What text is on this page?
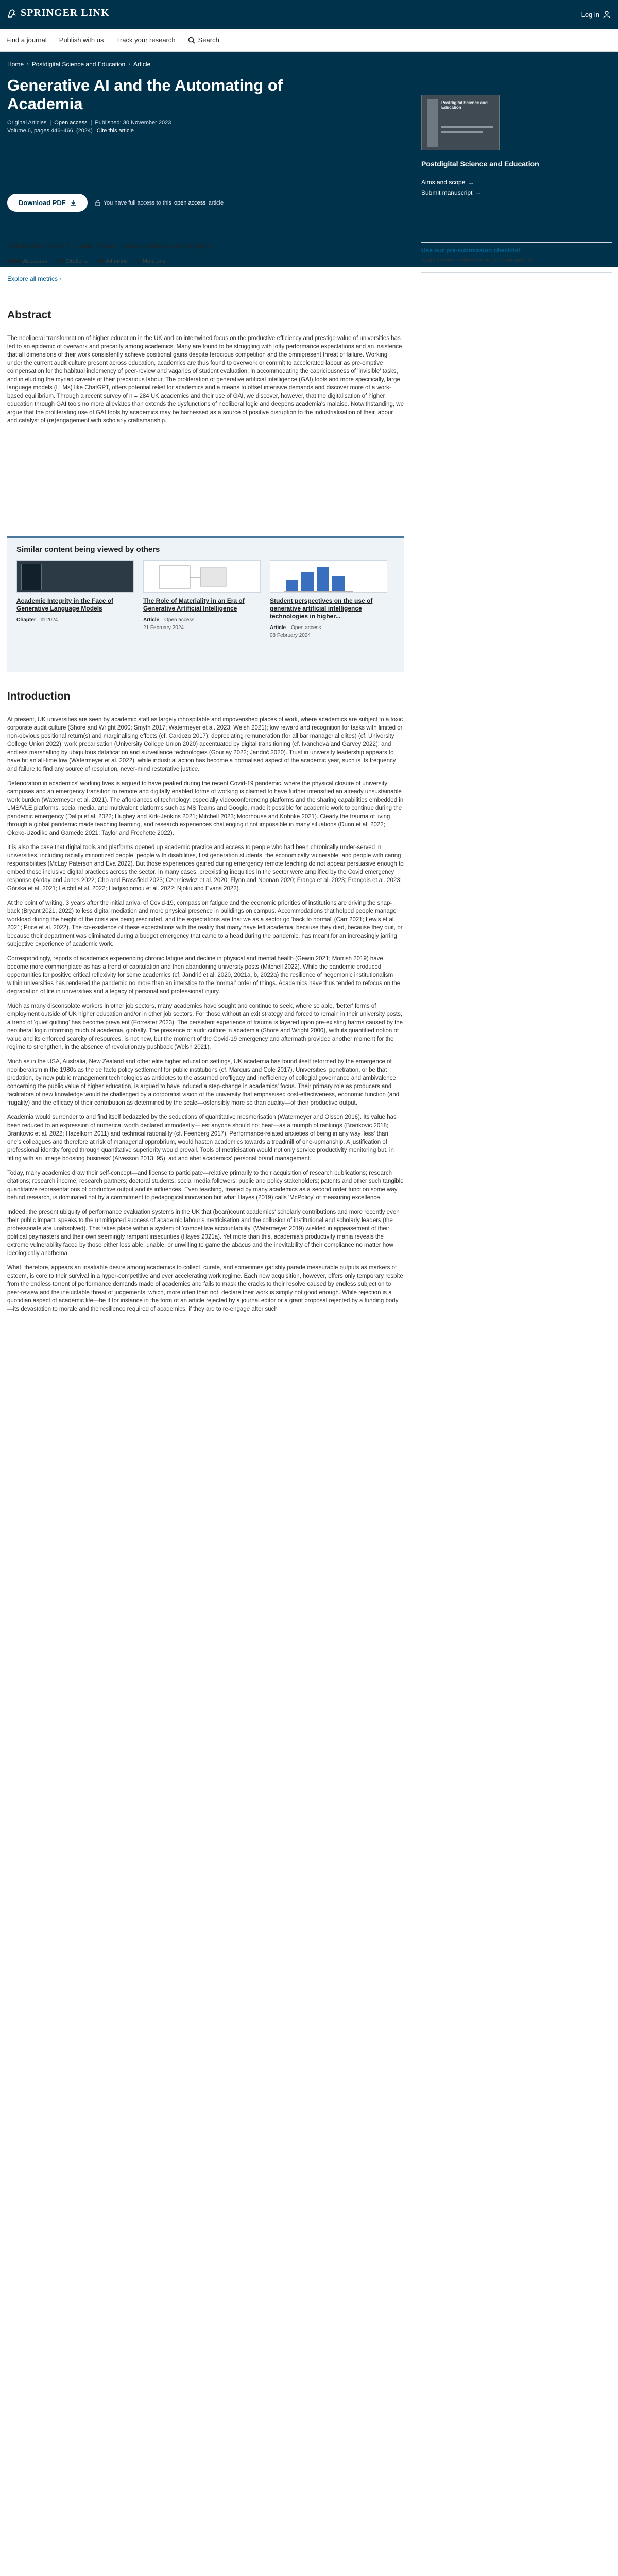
SPRINGER LINK	Log in
Find a journal Publish with us Track your research	Search
Home › Postdigital Science and Education › Article
Generative AI and the Automating of Academia
Original Articles | Open access | Published: 30 November 2023
Volume 6, pages 446–466, (2024) Cite this article
Download PDF	You have full access to this open access article
Postdigital Science and Education
Postdigital Science and Education
Aims and scope →
Submit manuscript →
Richard Watermeyer ✉ , Lawrie Phipps , Donna Lanclos & Cathryn Knight
8969 Accesses 18 Citations 29 Altmetric 5 Mentions
Explore all metrics ›
Use our pre-submission checklist
Avoid common mistakes on your manuscript.
Abstract

The neoliberal transformation of higher education in the UK and an intertwined focus on the productive efficiency and prestige value of universities has led to an epidemic of overwork and precarity among academics. Many are found to be struggling with lofty performance expectations and an insistence that all dimensions of their work consistently achieve positional gains despite ferocious competition and the omnipresent threat of failure. Working under the current audit culture present across education, academics are thus found to overwork or commit to accelerated labour as pre-emptive compensation for the habitual inclemency of peer-review and vagaries of student evaluation, in accommodating the capriciousness of 'invisible' tasks, and in eluding the myriad caveats of their precarious labour. The proliferation of generative artificial intelligence (GAI) tools and more specifically, large language models (LLMs) like ChatGPT, offers potential relief for academics and a means to offset intensive demands and discover more of a work-based equilibrium. Through a recent survey of n = 284 UK academics and their use of GAI, we discover, however, that the digitalisation of higher education through GAI tools no more alleviates than extends the dysfunctions of neoliberal logic and deepens academia's malaise. Notwithstanding, we argue that the proliferating use of GAI tools by academics may be harnessed as a source of positive disruption to the industrialisation of their labour and catalyst of (re)engagement with scholarly craftsmanship.

Similar content being viewed by others
Academic Integrity in the Face of Generative Language Models
Chapter © 2024
The Role of Materiality in an Era of Generative Artificial Intelligence
Article Open access
21 February 2024
Student perspectives on the use of generative artificial intelligence technologies in higher...
Article Open access
08 February 2024
Introduction

At present, UK universities are seen by academic staff as largely inhospitable and impoverished places of work, where academics are subject to a toxic corporate audit culture (Shore and Wright 2000; Smyth 2017; Watermeyer et al. 2023; Welsh 2021); low reward and recognition for tasks with limited or non-obvious positional return(s) and marginalising effects (cf. Cardozo 2017); depreciating remuneration (for all bar managerial elites) (cf. University College Union 2022); work precarisation (University College Union 2020) accentuated by digital transitioning (cf. Ivancheva and Garvey 2022); and endless marshalling by ubiquitous datafication and surveillance technologies (Gourlay 2022; Jandrić 2020). Trust in university leadership appears to have hit an all-time low (Watermeyer et al. 2022), while industrial action has become a normalised aspect of the academic year, such is its frequency and failure to find any source of resolution, never-mind restorative justice.

Deterioration in academics' working lives is argued to have peaked during the recent Covid-19 pandemic, where the physical closure of university campuses and an emergency transition to remote and digitally enabled forms of working is claimed to have further intensified an already unsustainable work burden (Watermeyer et al. 2021). The affordances of technology, especially videoconferencing platforms and the sharing capabilities embedded in LMS/VLE platforms, social media, and multivalent platforms such as MS Teams and Google, made it possible for academic work to continue during the pandemic emergency (Dalipi et al. 2022; Hughey and Kirk-Jenkins 2021; Mitchell 2023; Moorhouse and Kohnke 2021). Clearly the trauma of living through a global pandemic made teaching learning, and research experiences challenging if not impossible in many situations (Dunn et al. 2022; Okeke-Uzodike and Gamede 2021; Taylor and Frechette 2022).

It is also the case that digital tools and platforms opened up academic practice and access to people who had been chronically under-served in universities, including racially minoritized people, people with disabilities, first generation students, the economically vulnerable, and people with caring responsibilities (McLay Paterson and Eva 2022). But those experiences gained during emergency remote teaching do not appear persuasive enough to embed those inclusive digital practices across the sector. In many cases, preexisting inequities in the sector were amplified by the Covid emergency response (Arday and Jones 2022; Cho and Brassfield 2023; Czerniewicz et al. 2020; Flynn and Noonan 2020; França et al. 2023; François et al. 2023; Górska et al. 2021; Leichtl et al. 2022; Hadjisolomou et al. 2022; Njoku and Evans 2022).

At the point of writing, 3 years after the initial arrival of Covid-19, compassion fatigue and the economic priorities of institutions are driving the snap-back (Bryant 2021, 2022) to less digital mediation and more physical presence in buildings on campus. Accommodations that helped people manage workload during the height of the crisis are being rescinded, and the expectations are that we as a sector go 'back to normal' (Carr 2021; Lewis et al. 2021; Price et al. 2022). The co-existence of these expectations with the reality that many have left academia, because they died, because they quit, or because their department was eliminated during a budget emergency that came to a head during the pandemic, has meant for an increasingly jarring subjective experience of academic work.

Correspondingly, reports of academics experiencing chronic fatigue and decline in physical and mental health (Gewin 2021; Morrish 2019) have become more commonplace as has a trend of capitulation and then abandoning university posts (Mitchell 2022). While the pandemic produced opportunities for positive critical reflexivity for some academics (cf. Jandrić et al. 2020, 2021a, b, 2022a) the resilience of hegemonic institutionalism within universities has rendered the pandemic no more than an interstice to the 'normal' order of things. Academics have thus tended to refocus on the degradation of life in universities and a legacy of personal and professional injury.

Much as many disconsolate workers in other job sectors, many academics have sought and continue to seek, where so able, 'better' forms of employment outside of UK higher education and/or in other job sectors. For those without an exit strategy and forced to remain in their university posts, a trend of 'quiet quitting' has become prevalent (Forrester 2023). The persistent experience of trauma is layered upon pre-existing harms caused by the neoliberal logic informing much of academia, globally. The presence of audit culture in academia (Shore and Wright 2000), with its quantified notion of value and its enforced scarcity of resources, is not new, but the moment of the Covid-19 emergency and aftermath provided another moment for the regime to strengthen, in the absence of revolutionary pushback (Welsh 2021).

Much as in the USA, Australia, New Zealand and other elite higher education settings, UK academia has found itself reformed by the emergence of neoliberalism in the 1980s as the de facto policy settlement for public institutions (cf. Marquis and Cole 2017). Universities' penetration, or be that predation, by new public management technologies as antidotes to the assumed profligacy and inefficiency of collegial governance and ambivalence concerning the public value of higher education, is argued to have induced a step-change in academics' focus. Their primary role as producers and facilitators of new knowledge would be challenged by a corporatist vision of the university that emphasised cost-effectiveness, economic function (and frugality) and the efficacy of their contribution as determined by the scale—ostensibly more so than quality—of their productive output.

Academia would surrender to and find itself bedazzled by the seductions of quantitative mesmerisation (Watermeyer and Olssen 2016). Its value has been reduced to an expression of numerical worth declared immodestly—lest anyone should not hear—as a triumph of rankings (Brankovic 2018; Brankovic et al. 2022; Hazelkorn 2011) and technical rationality (cf. Feenberg 2017). Performance-related anxieties of being in any way 'less' than one's colleagues and therefore at risk of managerial opprobrium, would hasten academics towards a treadmill of one-upmanship. A justification of professional identity forged through quantitative superiority would prevail. Tools of metricisation would not only service productivity monitoring but, in fitting with an 'image boosting business' (Alvesson 2013: 95), aid and abet academics' personal brand management.

Today, many academics draw their self-concept—and license to participate—relative primarily to their acquisition of research publications; research citations; research income; research partners; doctoral students; social media followers; public and policy stakeholders; patents and other such tangible quantitative representations of productive output and its influences. Even teaching, treated by many academics as a second order function some way behind research, is dominated not by a commitment to pedagogical innovation but what Hayes (2019) calls 'McPolicy' of measuring excellence.

Indeed, the present ubiquity of performance evaluation systems in the UK that (bean)count academics' scholarly contributions and more recently even their public impact, speaks to the unmitigated success of academic labour's metricisation and the collusion of institutional and scholarly leaders (the professoriate are unabsolved). This takes place within a system of 'competitive accountability' (Watermeyer 2019) wielded in appeasement of their political paymasters and their own seemingly rampant insecurities (Hayes 2021a). Yet more than this, academia's productivity mania reveals the extreme vulnerability faced by those either less able, unable, or unwilling to game the abacus and the inevitability of their compliance no matter how ideologically anathema.

What, therefore, appears an insatiable desire among academics to collect, curate, and sometimes garishly parade measurable outputs as markers of esteem, is core to their survival in a hyper-competitive and ever accelerating work regime. Each new acquisition, however, offers only temporary respite from the endless torrent of performance demands made of academics and fails to mask the cracks to their resolve caused by endless subjection to peer-review and the ineluctable threat of judgements, which, more often than not, declare their work is simply not good enough. While rejection is a quotidian aspect of academic life—be it for instance in the form of an article rejected by a journal editor or a grant proposal rejected by a funding body—its devastation to morale and the resilience required of academics, if they are to re-engage after such
